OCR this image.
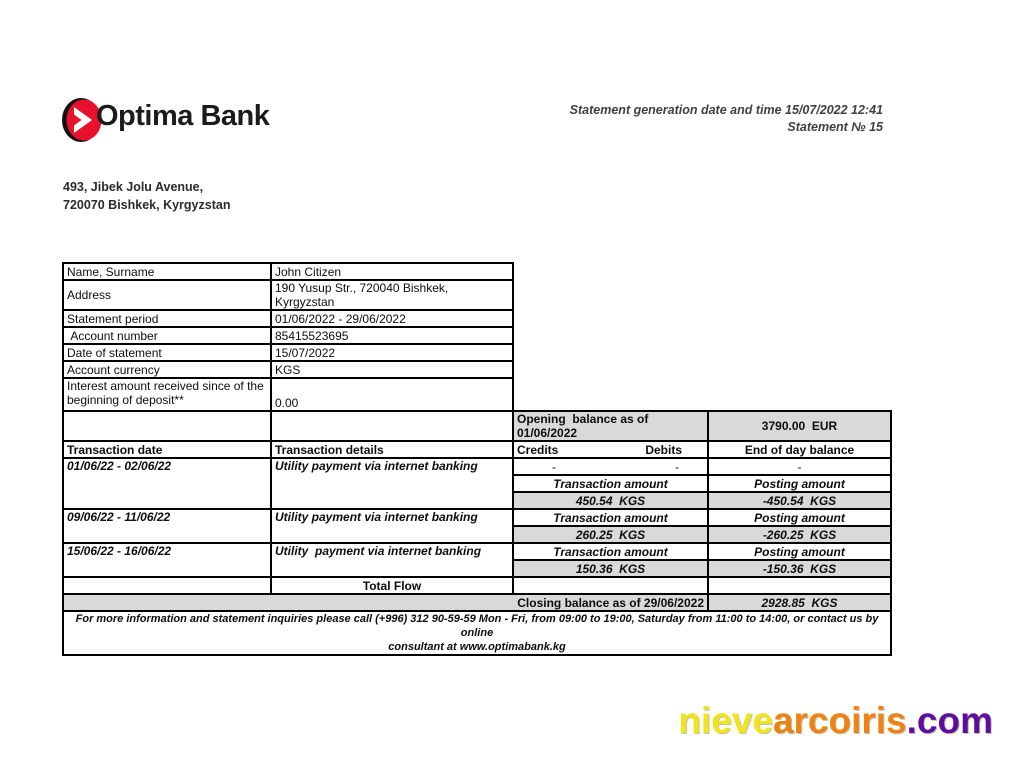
Optima Bank	Statement generation date and time 15/07/2022 12:41
Statement № 15
493, Jibek Jolu Avenue,
720070 Bishkek, Kyrgyzstan
Name, Surname	John Citizen		
Address	190 Yusup Str., 720040 Bishkek, Kyrgyzstan		
Statement period	01/06/2022 - 29/06/2022		
Account number	85415523695		
Date of statement	15/07/2022		
Account currency	KGS		
Interest amount received since of the beginning of deposit**	0.00		
		Opening  balance as of 01/06/2022	3790.00  EUR
Transaction date	Transaction details	Credits Debits	End of day balance
01/06/22 - 02/06/22	Utility payment via internet banking	- -	-
		Transaction amount	Posting amount
		450.54  KGS	-450.54  KGS
09/06/22 - 11/06/22	Utility payment via internet banking	Transaction amount	Posting amount
		260.25  KGS	-260.25  KGS
15/06/22 - 16/06/22	Utility  payment via internet banking	Transaction amount	Posting amount
		150.36  KGS	-150.36  KGS
	Total Flow		
Closing balance as of 29/06/2022			2928.85  KGS

For more information and statement inquiries please call (+996) 312 90-59-59 Mon - Fri, from 09:00 to 19:00, Saturday from 11:00 to 14:00, or contact us by online
consultant at www.optimabank.kg			
nievearcoiris.com
